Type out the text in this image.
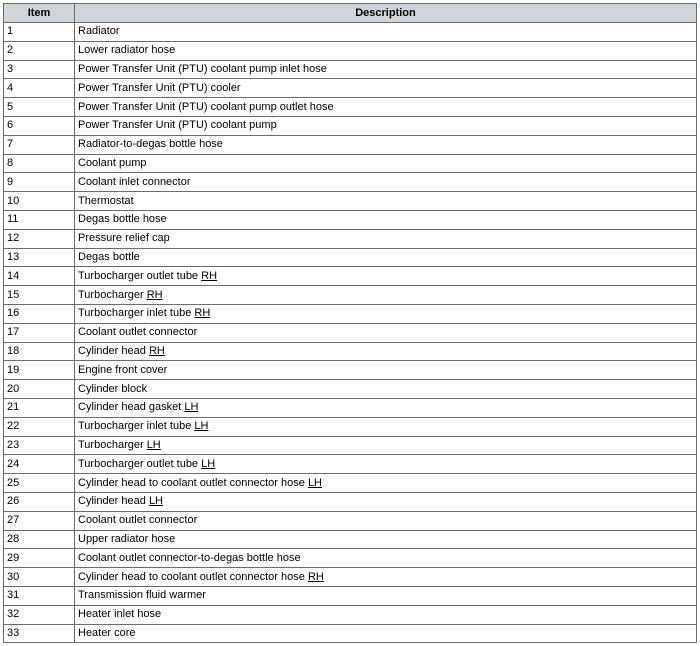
Item	Description
1	Radiator
2	Lower radiator hose
3	Power Transfer Unit (PTU) coolant pump inlet hose
4	Power Transfer Unit (PTU) cooler
5	Power Transfer Unit (PTU) coolant pump outlet hose
6	Power Transfer Unit (PTU) coolant pump
7	Radiator-to-degas bottle hose
8	Coolant pump
9	Coolant inlet connector
10	Thermostat
11	Degas bottle hose
12	Pressure relief cap
13	Degas bottle
14	Turbocharger outlet tube RH
15	Turbocharger RH
16	Turbocharger inlet tube RH
17	Coolant outlet connector
18	Cylinder head RH
19	Engine front cover
20	Cylinder block
21	Cylinder head gasket LH
22	Turbocharger inlet tube LH
23	Turbocharger LH
24	Turbocharger outlet tube LH
25	Cylinder head to coolant outlet connector hose LH
26	Cylinder head LH
27	Coolant outlet connector
28	Upper radiator hose
29	Coolant outlet connector-to-degas bottle hose
30	Cylinder head to coolant outlet connector hose RH
31	Transmission fluid warmer
32	Heater inlet hose
33	Heater core
